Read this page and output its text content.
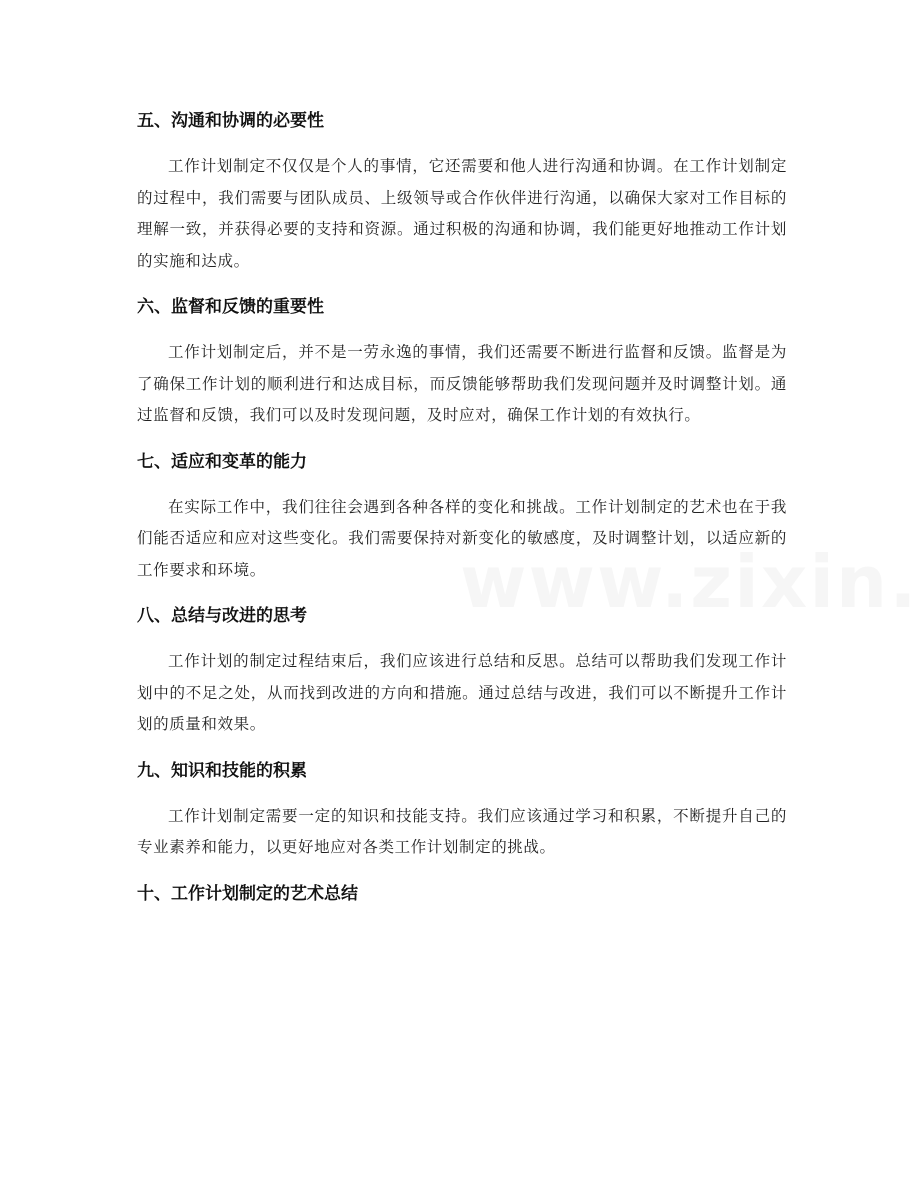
五、沟通和协调的必要性

工作计划制定不仅仅是个人的事情，它还需要和他人进行沟通和协调。在工作计划制定的过程中，我们需要与团队成员、上级领导或合作伙伴进行沟通，以确保大家对工作目标的理解一致，并获得必要的支持和资源。通过积极的沟通和协调，我们能更好地推动工作计划的实施和达成。

六、监督和反馈的重要性

工作计划制定后，并不是一劳永逸的事情，我们还需要不断进行监督和反馈。监督是为了确保工作计划的顺利进行和达成目标，而反馈能够帮助我们发现问题并及时调整计划。通过监督和反馈，我们可以及时发现问题，及时应对，确保工作计划的有效执行。

七、适应和变革的能力

在实际工作中，我们往往会遇到各种各样的变化和挑战。工作计划制定的艺术也在于我们能否适应和应对这些变化。我们需要保持对新变化的敏感度，及时调整计划，以适应新的工作要求和环境。

八、总结与改进的思考

工作计划的制定过程结束后，我们应该进行总结和反思。总结可以帮助我们发现工作计划中的不足之处，从而找到改进的方向和措施。通过总结与改进，我们可以不断提升工作计划的质量和效果。

九、知识和技能的积累

工作计划制定需要一定的知识和技能支持。我们应该通过学习和积累，不断提升自己的专业素养和能力，以更好地应对各类工作计划制定的挑战。

十、工作计划制定的艺术总结
